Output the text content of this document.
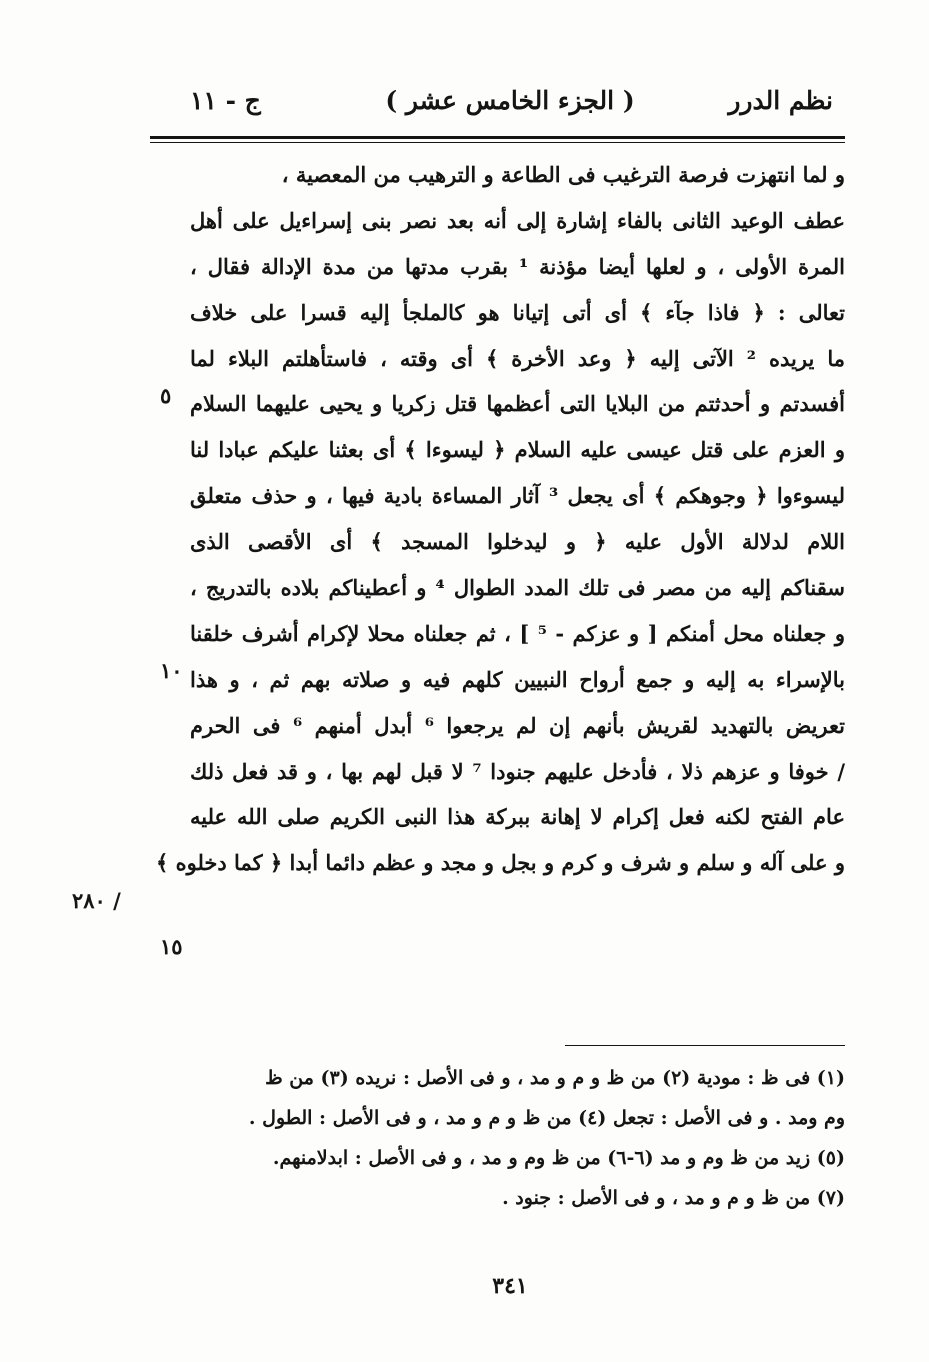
ج - ١١	( الجزء الخامس عشر )	نظم الدرر
و لما انتهزت فرصة الترغيب فى الطاعة و الترهيب من المعصية ،
عطف الوعيد الثانى بالفاء إشارة إلى أنه بعد نصر بنى إسراءيل على أهل
المرة الأولى ، و لعلها أيضا مؤذنة ¹ بقرب مدتها من مدة الإدالة فقال ،
تعالى : ﴿ فاذا جآء ﴾ أى أتى إتيانا هو كالملجأ إليه قسرا على خلاف
ما يريده ² الآتى إليه ﴿ وعد الأخرة ﴾ أى وقته ، فاستأهلتم البلاء لما
أفسدتم و أحدثتم من البلايا التى أعظمها قتل زكريا و يحيى عليهما السلام
و العزم على قتل عيسى عليه السلام ﴿ ليسوءا ﴾ أى بعثنا عليكم عبادا لنا
ليسوءوا ﴿ وجوهكم ﴾ أى يجعل ³ آثار المساءة بادية فيها ، و حذف متعلق
اللام لدلالة الأول عليه ﴿ و ليدخلوا المسجد ﴾ أى الأقصى الذى
سقناكم إليه من مصر فى تلك المدد الطوال ⁴ و أعطيناكم بلاده بالتدريج ،
و جعلناه محل أمنكم [ و عزكم - ⁵ ] ، ثم جعلناه محلا لإكرام أشرف خلقنا
بالإسراء به إليه و جمع أرواح النبيين كلهم فيه و صلاته بهم ثم ، و هذا
تعريض بالتهديد لقريش بأنهم إن لم يرجعوا ⁶ أبدل أمنهم ⁶ فى الحرم
/ خوفا و عزهم ذلا ، فأدخل عليهم جنودا ⁷ لا قبل لهم بها ، و قد فعل ذلك
عام الفتح لكنه فعل إكرام لا إهانة ببركة هذا النبى الكريم صلى الله عليه
و على آله و سلم و شرف و كرم و بجل و مجد و عظم دائما أبدا ﴿ كما دخلوه ﴾
٥
١٠
١٥
٢٨٠ /
(١) فى ظ : مودية (٢) من ظ و م و مد ، و فى الأصل : نريده (٣) من ظ
وم ومد . و فى الأصل : تجعل (٤) من ظ و م و مد ، و فى الأصل : الطول .
(٥) زيد من ظ وم و مد (٦-٦) من ظ وم و مد ، و فى الأصل : ابدلامنهم.
(٧) من ظ و م و مد ، و فى الأصل : جنود .
٣٤١
